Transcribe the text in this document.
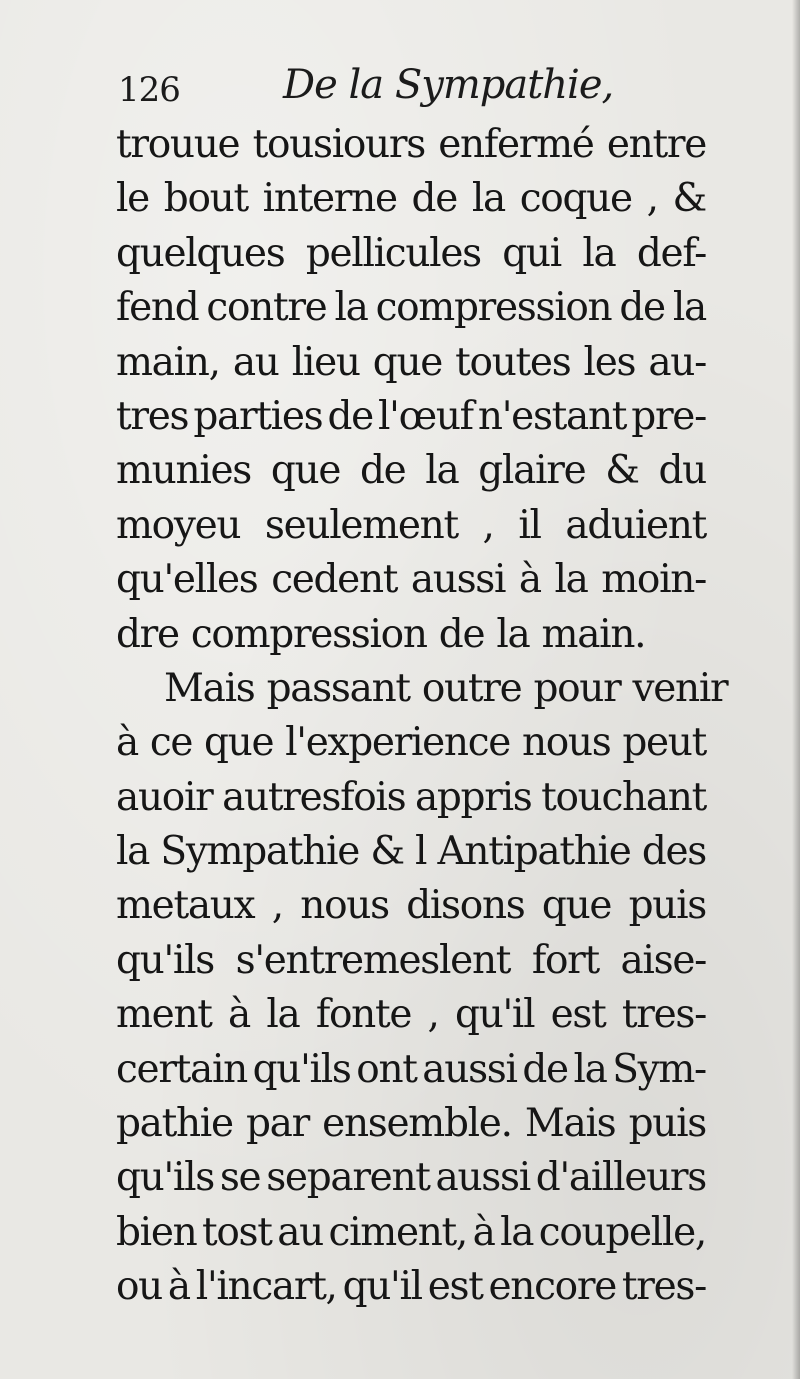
126	De la Sympathie,
trouue tousiours enfermé entre
le bout interne de la coque , &
quelques pellicules qui la def-
fend contre la compression de la
main, au lieu que toutes les au-
tres parties de l'œuf n'estant pre-
munies que de la glaire & du
moyeu seulement , il aduient
qu'elles cedent aussi à la moin-
dre compression de la main.
Mais passant outre pour venir
à ce que l'experience nous peut
auoir autresfois appris touchant
la Sympathie & l Antipathie des
metaux , nous disons que puis
qu'ils s'entremeslent fort aise-
ment à la fonte , qu'il est tres-
certain qu'ils ont aussi de la Sym-
pathie par ensemble. Mais puis
qu'ils se separent aussi d'ailleurs
bien tost au ciment, à la coupelle,
ou à l'incart, qu'il est encore tres-
